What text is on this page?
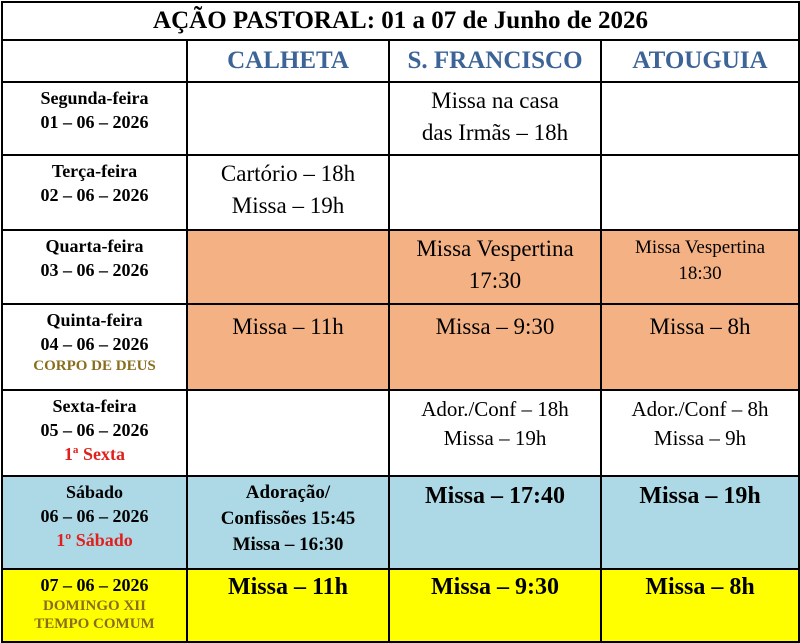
AÇÃO PASTORAL: 01 a 07 de Junho de 2026			
	CALHETA	S. FRANCISCO	ATOUGUIA

Segunda-feira
01 – 06 – 2026		Missa na casa
das Irmãs – 18h	

Terça-feira
02 – 06 – 2026	Cartório – 18h
Missa – 19h		

Quarta-feira
03 – 06 – 2026		Missa Vespertina
17:30	Missa Vespertina
18:30

Quinta-feira
04 – 06 – 2026
CORPO DE DEUS	Missa – 11h	Missa – 9:30	Missa – 8h

Sexta-feira
05 – 06 – 2026
1ª Sexta		Ador./Conf – 18h
Missa – 19h	Ador./Conf – 8h
Missa – 9h

Sábado
06 – 06 – 2026
1º Sábado	Adoração/
Confissões 15:45
Missa – 16:30	Missa – 17:40	Missa – 19h

07 – 06 – 2026
DOMINGO XII
TEMPO COMUM	Missa – 11h	Missa – 9:30	Missa – 8h
